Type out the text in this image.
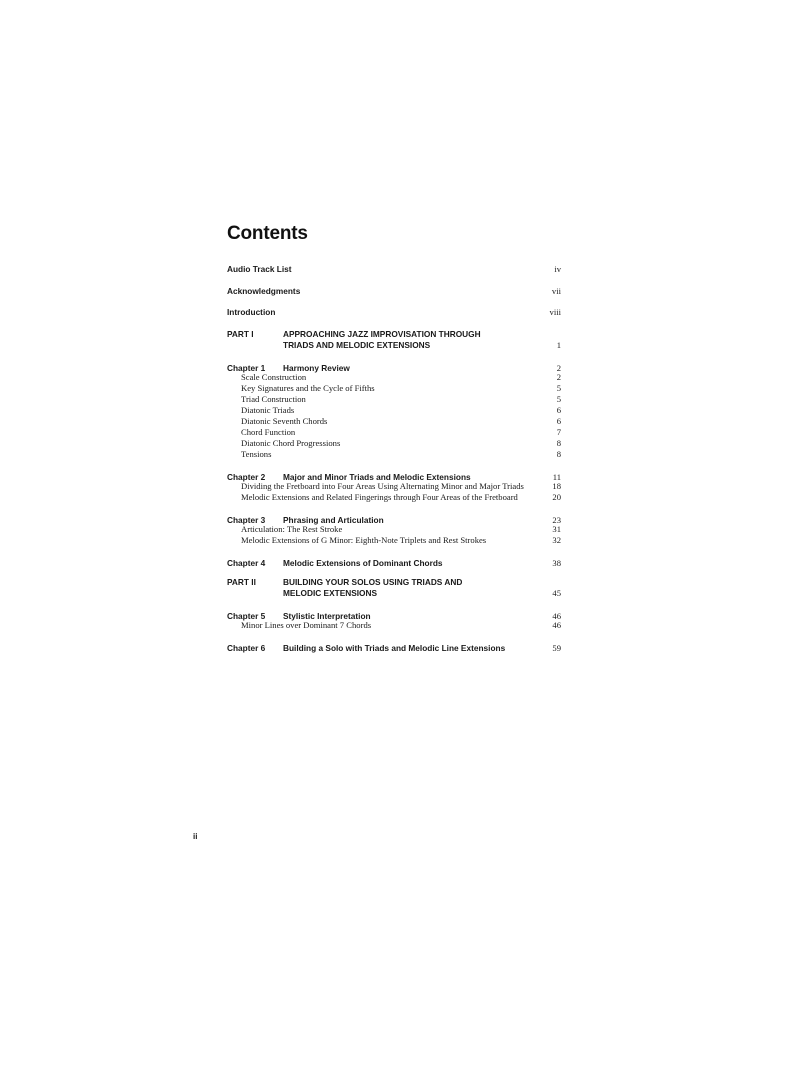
Contents
Audio Track List	iv
Acknowledgments	vii
Introduction	viii
PART I	APPROACHING JAZZ IMPROVISATION THROUGH
TRIADS AND MELODIC EXTENSIONS	1
Chapter 1 Harmony Review	2
Scale Construction	2
Key Signatures and the Cycle of Fifths	5
Triad Construction	5
Diatonic Triads	6
Diatonic Seventh Chords	6
Chord Function	7
Diatonic Chord Progressions	8
Tensions	8
Chapter 2 Major and Minor Triads and Melodic Extensions	11
Dividing the Fretboard into Four Areas Using Alternating Minor and Major Triads	18
Melodic Extensions and Related Fingerings through Four Areas of the Fretboard	20
Chapter 3 Phrasing and Articulation	23
Articulation: The Rest Stroke	31
Melodic Extensions of G Minor: Eighth-Note Triplets and Rest Strokes	32
Chapter 4 Melodic Extensions of Dominant Chords	38
PART II	BUILDING YOUR SOLOS USING TRIADS AND
MELODIC EXTENSIONS	45
Chapter 5 Stylistic Interpretation	46
Minor Lines over Dominant 7 Chords	46
Chapter 6 Building a Solo with Triads and Melodic Line Extensions	59
ii
